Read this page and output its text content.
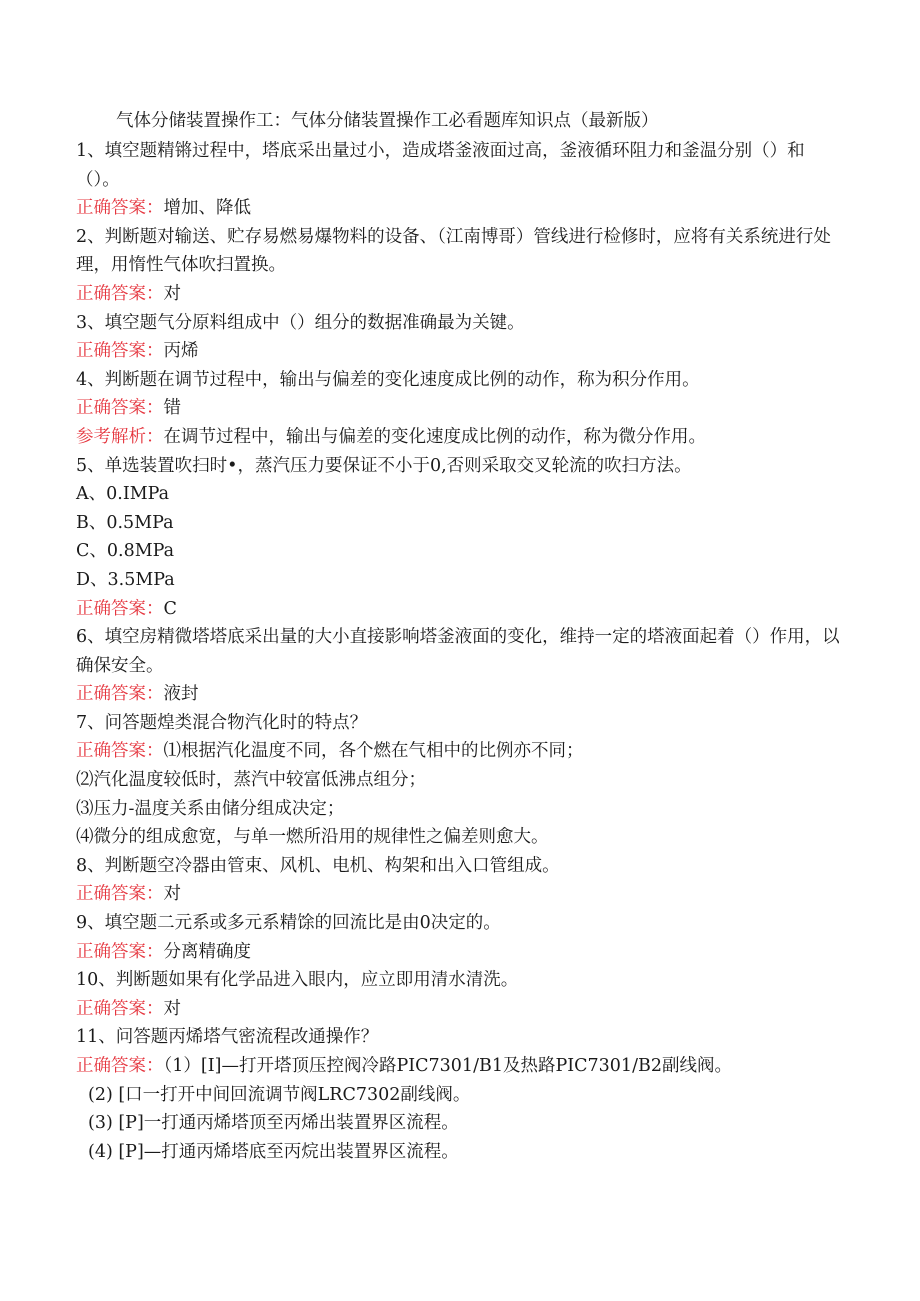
气体分储装置操作工：气体分储装置操作工必看题库知识点（最新版）
1、填空题精锵过程中，塔底采出量过小，造成塔釜液面过高，釜液循环阻力和釜温分别（）和（）。
正确答案：增加、降低
2、判断题对输送、贮存易燃易爆物料的设备、（江南博哥）管线进行检修时，应将有关系统进行处理，用惰性气体吹扫置换。
正确答案：对
3、填空题气分原料组成中（）组分的数据准确最为关键。
正确答案：丙烯
4、判断题在调节过程中，输出与偏差的变化速度成比例的动作，称为积分作用。
正确答案：错
参考解析：在调节过程中，输出与偏差的变化速度成比例的动作，称为微分作用。
5、单选装置吹扫时•，蒸汽压力要保证不小于0,否则采取交叉轮流的吹扫方法。
A、0.IMPa
B、0.5MPa
C、0.8MPa
D、3.5MPa
正确答案：C
6、填空房精微塔塔底采出量的大小直接影响塔釜液面的变化，维持一定的塔液面起着（）作用，以确保安全。
正确答案：液封
7、问答题煌类混合物汽化时的特点？
正确答案：⑴根据汽化温度不同，各个燃在气相中的比例亦不同；
⑵汽化温度较低时，蒸汽中较富低沸点组分；
⑶压力-温度关系由储分组成决定；
⑷微分的组成愈宽，与单一燃所沿用的规律性之偏差则愈大。
8、判断题空冷器由管束、风机、电机、构架和出入口管组成。
正确答案：对
9、填空题二元系或多元系精馀的回流比是由0决定的。
正确答案：分离精确度
10、判断题如果有化学品进入眼内，应立即用清水清洗。
正确答案：对
11、问答题丙烯塔气密流程改通操作？
正确答案：（1）[I]—打开塔顶压控阀冷路PIC7301/B1及热路PIC7301/B2副线阀。
(2) [口一打开中间回流调节阀LRC7302副线阀。
(3) [P]一打通丙烯塔顶至丙烯出装置界区流程。
(4) [P]—打通丙烯塔底至丙烷出装置界区流程。
